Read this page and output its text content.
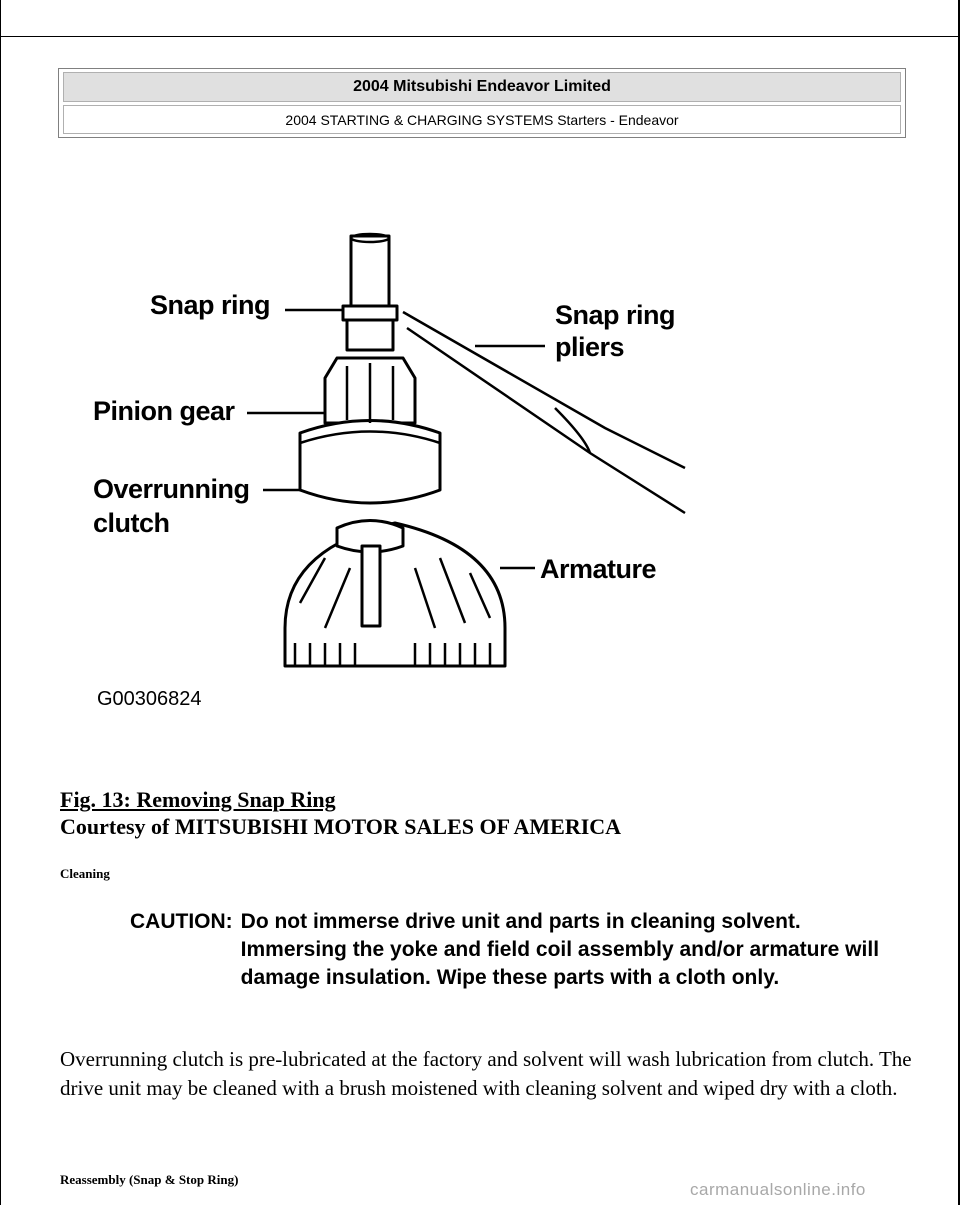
2004 Mitsubishi Endeavor Limited
2004 STARTING & CHARGING SYSTEMS Starters - Endeavor
Snap ring	Snap ring
pliers
Pinion gear
Overrunning
clutch
Armature
G00306824
Fig. 13: Removing Snap Ring
Courtesy of MITSUBISHI MOTOR SALES OF AMERICA
Cleaning
CAUTION: Do not immerse drive unit and parts in cleaning solvent. Immersing the yoke and field coil assembly and/or armature will damage insulation. Wipe these parts with a cloth only.
Overrunning clutch is pre-lubricated at the factory and solvent will wash lubrication from clutch. The drive unit may be cleaned with a brush moistened with cleaning solvent and wiped dry with a cloth.
Reassembly (Snap & Stop Ring)
carmanualsonline.info
